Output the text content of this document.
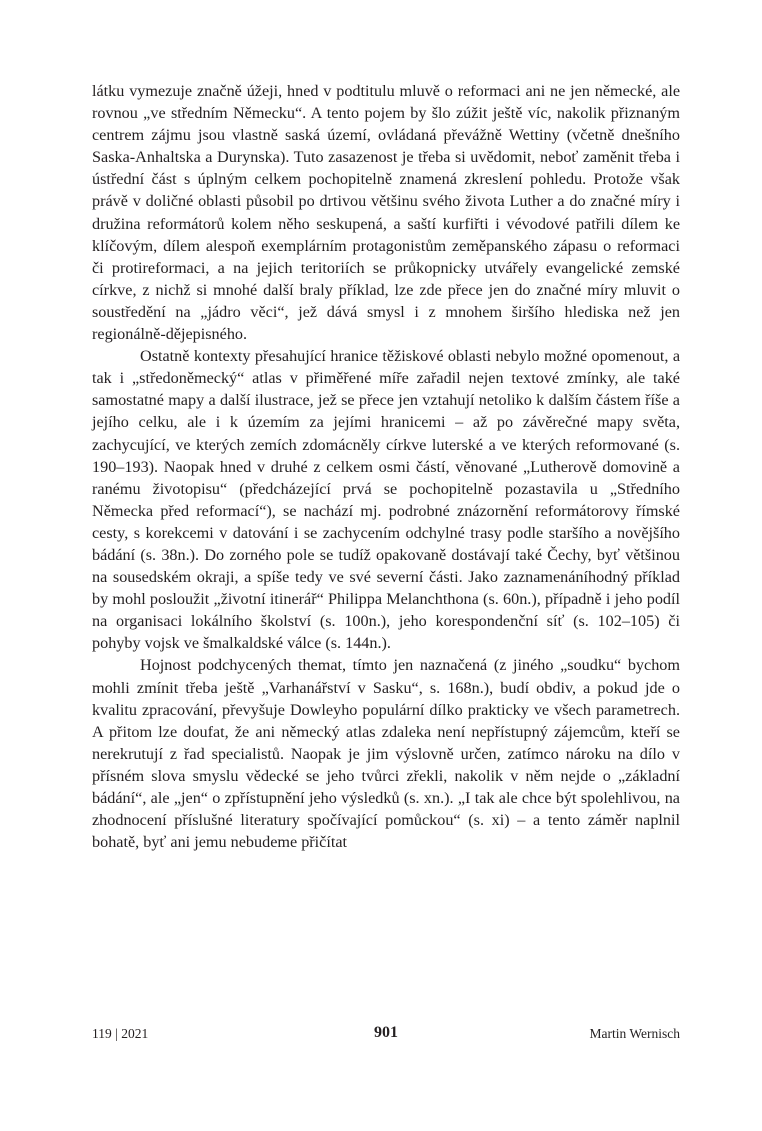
látku vymezuje značně úžeji, hned v podtitulu mluvě o reformaci ani ne jen německé, ale rovnou „ve středním Německu“. A tento pojem by šlo zúžit ještě víc, nakolik přiznaným centrem zájmu jsou vlastně saská území, ovládaná převážně Wettiny (včetně dnešního Saska-Anhaltska a Durynska). Tuto zasazenost je třeba si uvědomit, neboť zaměnit třeba i ústřední část s úplným celkem pochopitelně znamená zkreslení pohledu. Protože však právě v doličné oblasti působil po drtivou většinu svého života Luther a do značné míry i družina reformátorů kolem něho seskupená, a saští kurfiřti i vévodové patřili dílem ke klíčovým, dílem alespoň exemplárním protagonistům zeměpanského zápasu o reformaci či protireformaci, a na jejich teritoriích se průkopnicky utvářely evangelické zemské církve, z nichž si mnohé další braly příklad, lze zde přece jen do značné míry mluvit o soustředění na „jádro věci“, jež dává smysl i z mnohem širšího hlediska než jen regionálně-dějepisného.

Ostatně kontexty přesahující hranice těžiskové oblasti nebylo možné opomenout, a tak i „středoněmecký“ atlas v přiměřené míře zařadil nejen textové zmínky, ale také samostatné mapy a další ilustrace, jež se přece jen vztahují netoliko k dalším částem říše a jejího celku, ale i k územím za jejími hranicemi – až po závěrečné mapy světa, zachycující, ve kterých zemích zdomácněly církve luterské a ve kterých reformované (s. 190–193). Naopak hned v druhé z celkem osmi částí, věnované „Lutherově domovině a ranému životopisu“ (předcházející prvá se pochopitelně pozastavila u „Středního Německa před reformací“), se nachází mj. podrobné znázornění reformátorovy římské cesty, s korekcemi v datování i se zachycením odchylné trasy podle staršího a novějšího bádání (s. 38n.). Do zorného pole se tudíž opakovaně dostávají také Čechy, byť většinou na sousedském okraji, a spíše tedy ve své severní části. Jako zaznamenáníhodný příklad by mohl posloužit „životní itinerář“ Philippa Melanchthona (s. 60n.), případně i jeho podíl na organisaci lokálního školství (s. 100n.), jeho korespondenční síť (s. 102–105) či pohyby vojsk ve šmalkaldské válce (s. 144n.).

Hojnost podchycených themat, tímto jen naznačená (z jiného „soudku“ bychom mohli zmínit třeba ještě „Varhanářství v Sasku“, s. 168n.), budí obdiv, a pokud jde o kvalitu zpracování, převyšuje Dowleyho populární dílko prakticky ve všech parametrech. A přitom lze doufat, že ani německý atlas zdaleka není nepřístupný zájemcům, kteří se nerekrutují z řad specialistů. Naopak je jim výslovně určen, zatímco nároku na dílo v přísném slova smyslu vědecké se jeho tvůrci zřekli, nakolik v něm nejde o „základní bádání“, ale „jen“ o zpřístupnění jeho výsledků (s. xn.). „I tak ale chce být spolehlivou, na zhodnocení příslušné literatury spočívající pomůckou“ (s. xi) – a tento záměr naplnil bohatě, byť ani jemu nebudeme přičítat

119 | 2021	901	Martin Wernisch
